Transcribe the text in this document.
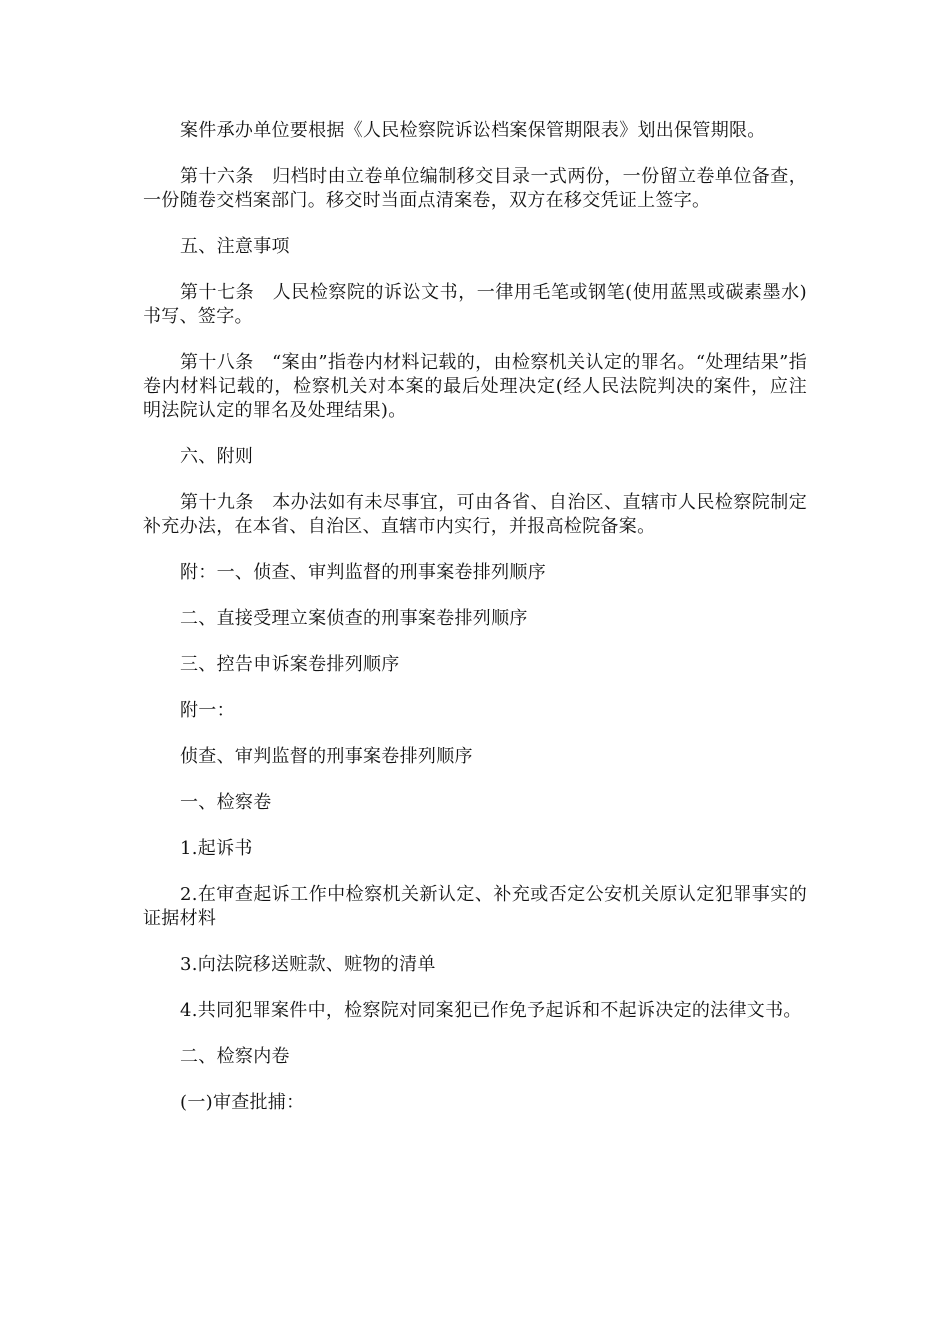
案件承办单位要根据《人民检察院诉讼档案保管期限表》划出保管期限。

第十六条　归档时由立卷单位编制移交目录一式两份，一份留立卷单位备查，一份随卷交档案部门。移交时当面点清案卷，双方在移交凭证上签字。

五、注意事项

第十七条　人民检察院的诉讼文书，一律用毛笔或钢笔(使用蓝黑或碳素墨水)书写、签字。

第十八条　“案由”指卷内材料记载的，由检察机关认定的罪名。“处理结果”指卷内材料记载的，检察机关对本案的最后处理决定(经人民法院判决的案件，应注明法院认定的罪名及处理结果)。

六、附则

第十九条　本办法如有未尽事宜，可由各省、自治区、直辖市人民检察院制定补充办法，在本省、自治区、直辖市内实行，并报高检院备案。

附：一、侦查、审判监督的刑事案卷排列顺序

二、直接受理立案侦查的刑事案卷排列顺序

三、控告申诉案卷排列顺序

附一：

侦查、审判监督的刑事案卷排列顺序

一、检察卷

1.起诉书

2.在审查起诉工作中检察机关新认定、补充或否定公安机关原认定犯罪事实的证据材料

3.向法院移送赃款、赃物的清单

4.共同犯罪案件中，检察院对同案犯已作免予起诉和不起诉决定的法律文书。

二、检察内卷

(一)审查批捕：
